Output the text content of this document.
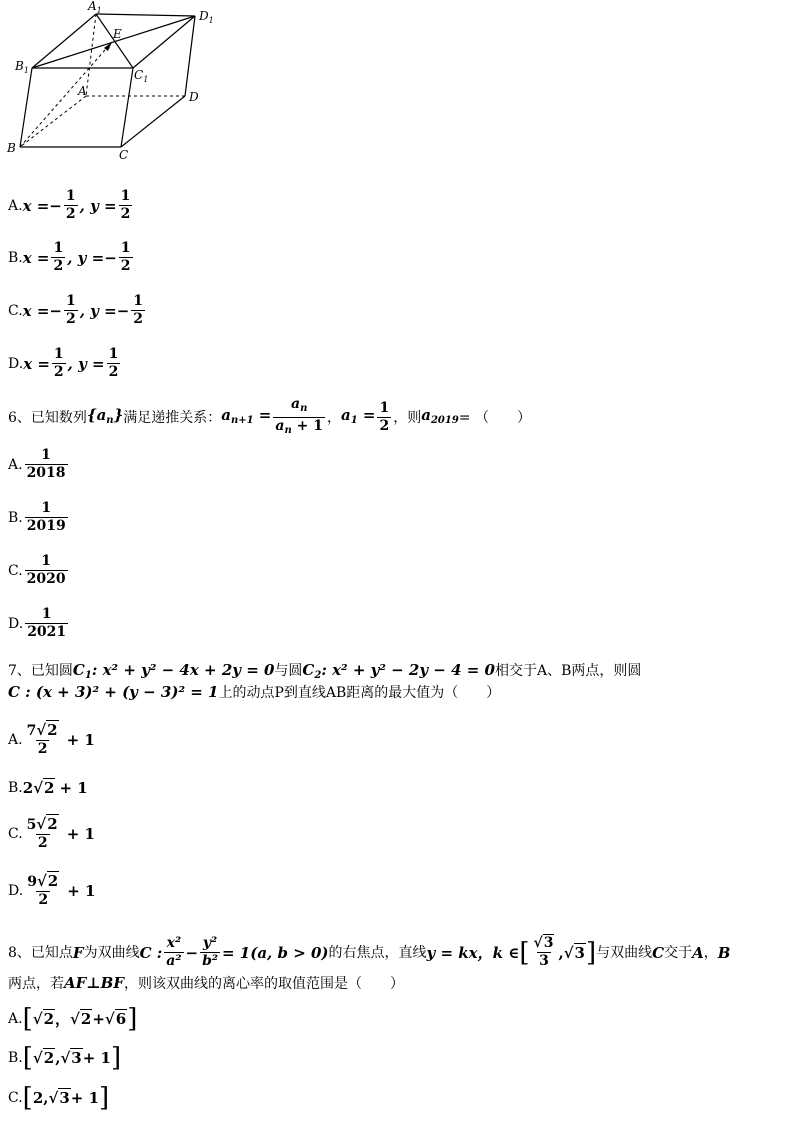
$A_1$	$D_1$
E
$B_1$	$C_1$
A	D
B	C
A. x = − $\frac{1}{2}$ , $y = \frac{1}{2}$
B. $x = \frac{1}{2}$ , y = − $\frac{1}{2}$
C. x = − $\frac{1}{2}$ , y = − $\frac{1}{2}$
D. $x = \frac{1}{2}$ , $y = \frac{1}{2}$
6、已知数列 $\{a_n\}$ 满足递推关系： $a_{n+1} = \frac{a_n}{a_n + 1}$ ， $a_1 = \frac{1}{2}$ ，则 $a_{2019}$ = （　　）
A. $\frac{1}{2018}$
B. $\frac{1}{2019}$
C. $\frac{1}{2020}$
D. $\frac{1}{2021}$
7、已知圆$C_1$: x² + y² − 4x + 2y = 0与圆$C_2$: x² + y² − 2y − 4 = 0相交于A、B两点，则圆
C : (x + 3)² + (y − 3)² = 1上的动点P到直线AB距离的最大值为（　　）
A. $\frac{7√2}{2} + 1$
B. 2 √2 + 1
C. $\frac{5√2}{2} + 1$
D. $\frac{9√2}{2} + 1$
8、已知点 F 为双曲线 C : $\frac{\text{x²}}{\text{a²}} - \frac{\text{y²}}{\text{b²}} = 1(a$, b > 0) 的右焦点，直线 y = kx ，k ∈ [ $\frac{√3}{3}$ , √3 ] 与双曲线 C 交于 A ， B
两点，若AF⊥BF，则该双曲线的离心率的取值范围是（　　）
A. [ √2 ， √2 + √6 ]
B. [ √2 , √3 + 1 ]
C. [ 2, √3 + 1 ]
